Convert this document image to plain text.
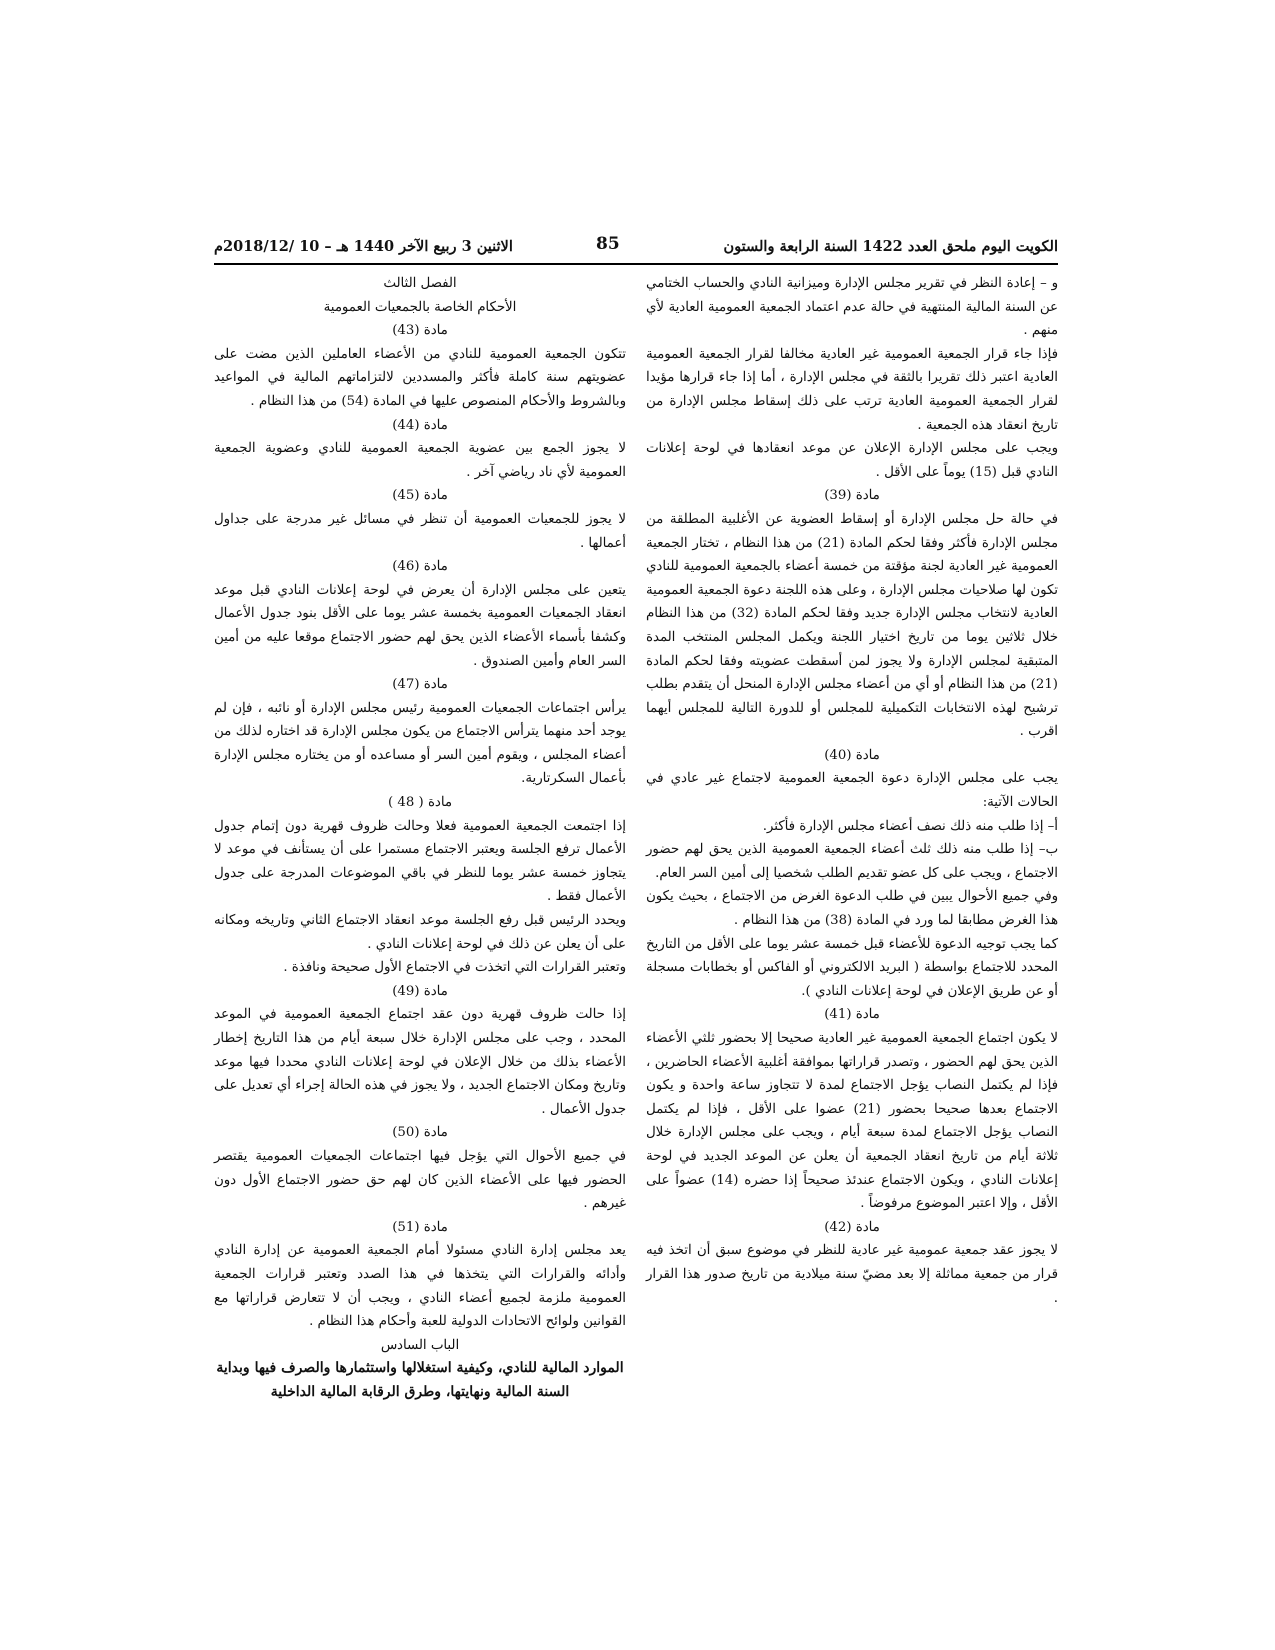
الكويت اليوم ملحق العدد 1422 السنة الرابعة والستون
85
الاثنين 3 ربيع الآخر 1440 هـ – 10 /2018/12م

و – إعادة النظر في تقرير مجلس الإدارة وميزانية النادي والحساب الختامي عن السنة المالية المنتهية في حالة عدم اعتماد الجمعية العمومية العادية لأي منهم .

فإذا جاء قرار الجمعية العمومية غير العادية مخالفا لقرار الجمعية العمومية العادية اعتبر ذلك تقريرا بالثقة في مجلس الإدارة ، أما إذا جاء قرارها مؤيدا لقرار الجمعية العمومية العادية ترتب على ذلك إسقاط مجلس الإدارة من تاريخ انعقاد هذه الجمعية .

ويجب على مجلس الإدارة الإعلان عن موعد انعقادها في لوحة إعلانات النادي قبل (15) يوماً على الأقل .

مادة (39)

في حالة حل مجلس الإدارة أو إسقاط العضوية عن الأغلبية المطلقة من مجلس الإدارة فأكثر وفقا لحكم المادة (21) من هذا النظام ، تختار الجمعية العمومية غير العادية لجنة مؤقتة من خمسة أعضاء بالجمعية العمومية للنادي تكون لها صلاحيات مجلس الإدارة ، وعلى هذه اللجنة دعوة الجمعية العمومية العادية لانتخاب مجلس الإدارة جديد وفقا لحكم المادة (32) من هذا النظام خلال ثلاثين يوما من تاريخ اختيار اللجنة ويكمل المجلس المنتخب المدة المتبقية لمجلس الإدارة ولا يجوز لمن أسقطت عضويته وفقا لحكم المادة (21) من هذا النظام أو أي من أعضاء مجلس الإدارة المنحل أن يتقدم بطلب ترشيح لهذه الانتخابات التكميلية للمجلس أو للدورة التالية للمجلس أيهما اقرب .

مادة (40)

يجب على مجلس الإدارة دعوة الجمعية العمومية لاجتماع غير عادي في الحالات الآتية:

أ– إذا طلب منه ذلك نصف أعضاء مجلس الإدارة فأكثر.

ب– إذا طلب منه ذلك ثلث أعضاء الجمعية العمومية الذين يحق لهم حضور الاجتماع ، ويجب على كل عضو تقديم الطلب شخصيا إلى أمين السر العام.

وفي جميع الأحوال يبين في طلب الدعوة الغرض من الاجتماع ، بحيث يكون هذا الغرض مطابقا لما ورد في المادة (38) من هذا النظام .

كما يجب توجيه الدعوة للأعضاء قبل خمسة عشر يوما على الأقل من التاريخ المحدد للاجتماع بواسطة ( البريد الالكتروني أو الفاكس أو بخطابات مسجلة أو عن طريق الإعلان في لوحة إعلانات النادي ).

مادة (41)

لا يكون اجتماع الجمعية العمومية غير العادية صحيحا إلا بحضور ثلثي الأعضاء الذين يحق لهم الحضور ، وتصدر قراراتها بموافقة أغلبية الأعضاء الحاضرين ، فإذا لم يكتمل النصاب يؤجل الاجتماع لمدة لا تتجاوز ساعة واحدة و يكون الاجتماع بعدها صحيحا بحضور (21) عضوا على الأقل ، فإذا لم يكتمل النصاب يؤجل الاجتماع لمدة سبعة أيام ، ويجب على مجلس الإدارة خلال ثلاثة أيام من تاريخ انعقاد الجمعية أن يعلن عن الموعد الجديد في لوحة إعلانات النادي ، ويكون الاجتماع عندئذ صحيحاً إذا حضره (14) عضواً على الأقل ، وإلا اعتبر الموضوع مرفوضاً .

مادة (42)

لا يجوز عقد جمعية عمومية غير عادية للنظر في موضوع سبق أن اتخذ فيه قرار من جمعية مماثلة إلا بعد مضيّ سنة ميلادية من تاريخ صدور هذا القرار .

الفصل الثالث

الأحكام الخاصة بالجمعيات العمومية

مادة (43)

تتكون الجمعية العمومية للنادي من الأعضاء العاملين الذين مضت على عضويتهم سنة كاملة فأكثر والمسددين لالتزاماتهم المالية في المواعيد وبالشروط والأحكام المنصوص عليها في المادة (54) من هذا النظام .

مادة (44)

لا يجوز الجمع بين عضوية الجمعية العمومية للنادي وعضوية الجمعية العمومية لأي ناد رياضي آخر .

مادة (45)

لا يجوز للجمعيات العمومية أن تنظر في مسائل غير مدرجة على جداول أعمالها .

مادة (46)

يتعين على مجلس الإدارة أن يعرض في لوحة إعلانات النادي قبل موعد انعقاد الجمعيات العمومية بخمسة عشر يوما على الأقل بنود جدول الأعمال وكشفا بأسماء الأعضاء الذين يحق لهم حضور الاجتماع موقعا عليه من أمين السر العام وأمين الصندوق .

مادة (47)

يرأس اجتماعات الجمعيات العمومية رئيس مجلس الإدارة أو نائبه ، فإن لم يوجد أحد منهما يترأس الاجتماع من يكون مجلس الإدارة قد اختاره لذلك من أعضاء المجلس ، ويقوم أمين السر أو مساعده أو من يختاره مجلس الإدارة بأعمال السكرتارية.

مادة ( 48 )

إذا اجتمعت الجمعية العمومية فعلا وحالت ظروف قهرية دون إتمام جدول الأعمال ترفع الجلسة ويعتبر الاجتماع مستمرا على أن يستأنف في موعد لا يتجاوز خمسة عشر يوما للنظر في باقي الموضوعات المدرجة على جدول الأعمال فقط .

ويحدد الرئيس قبل رفع الجلسة موعد انعقاد الاجتماع الثاني وتاريخه ومكانه على أن يعلن عن ذلك في لوحة إعلانات النادي .

وتعتبر القرارات التي اتخذت في الاجتماع الأول صحيحة ونافذة .

مادة (49)

إذا حالت ظروف قهرية دون عقد اجتماع الجمعية العمومية في الموعد المحدد ، وجب على مجلس الإدارة خلال سبعة أيام من هذا التاريخ إخطار الأعضاء بذلك من خلال الإعلان في لوحة إعلانات النادي محددا فيها موعد وتاريخ ومكان الاجتماع الجديد ، ولا يجوز في هذه الحالة إجراء أي تعديل على جدول الأعمال .

مادة (50)

في جميع الأحوال التي يؤجل فيها اجتماعات الجمعيات العمومية يقتصر الحضور فيها على الأعضاء الذين كان لهم حق حضور الاجتماع الأول دون غيرهم .

مادة (51)

يعد مجلس إدارة النادي مسئولا أمام الجمعية العمومية عن إدارة النادي وأدائه والقرارات التي يتخذها في هذا الصدد وتعتبر قرارات الجمعية العمومية ملزمة لجميع أعضاء النادي ، ويجب أن لا تتعارض قراراتها مع القوانين ولوائح الاتحادات الدولية للعبة وأحكام هذا النظام .

الباب السادس

الموارد المالية للنادي، وكيفية استغلالها واستثمارها والصرف فيها وبداية السنة المالية ونهايتها، وطرق الرقابة المالية الداخلية
